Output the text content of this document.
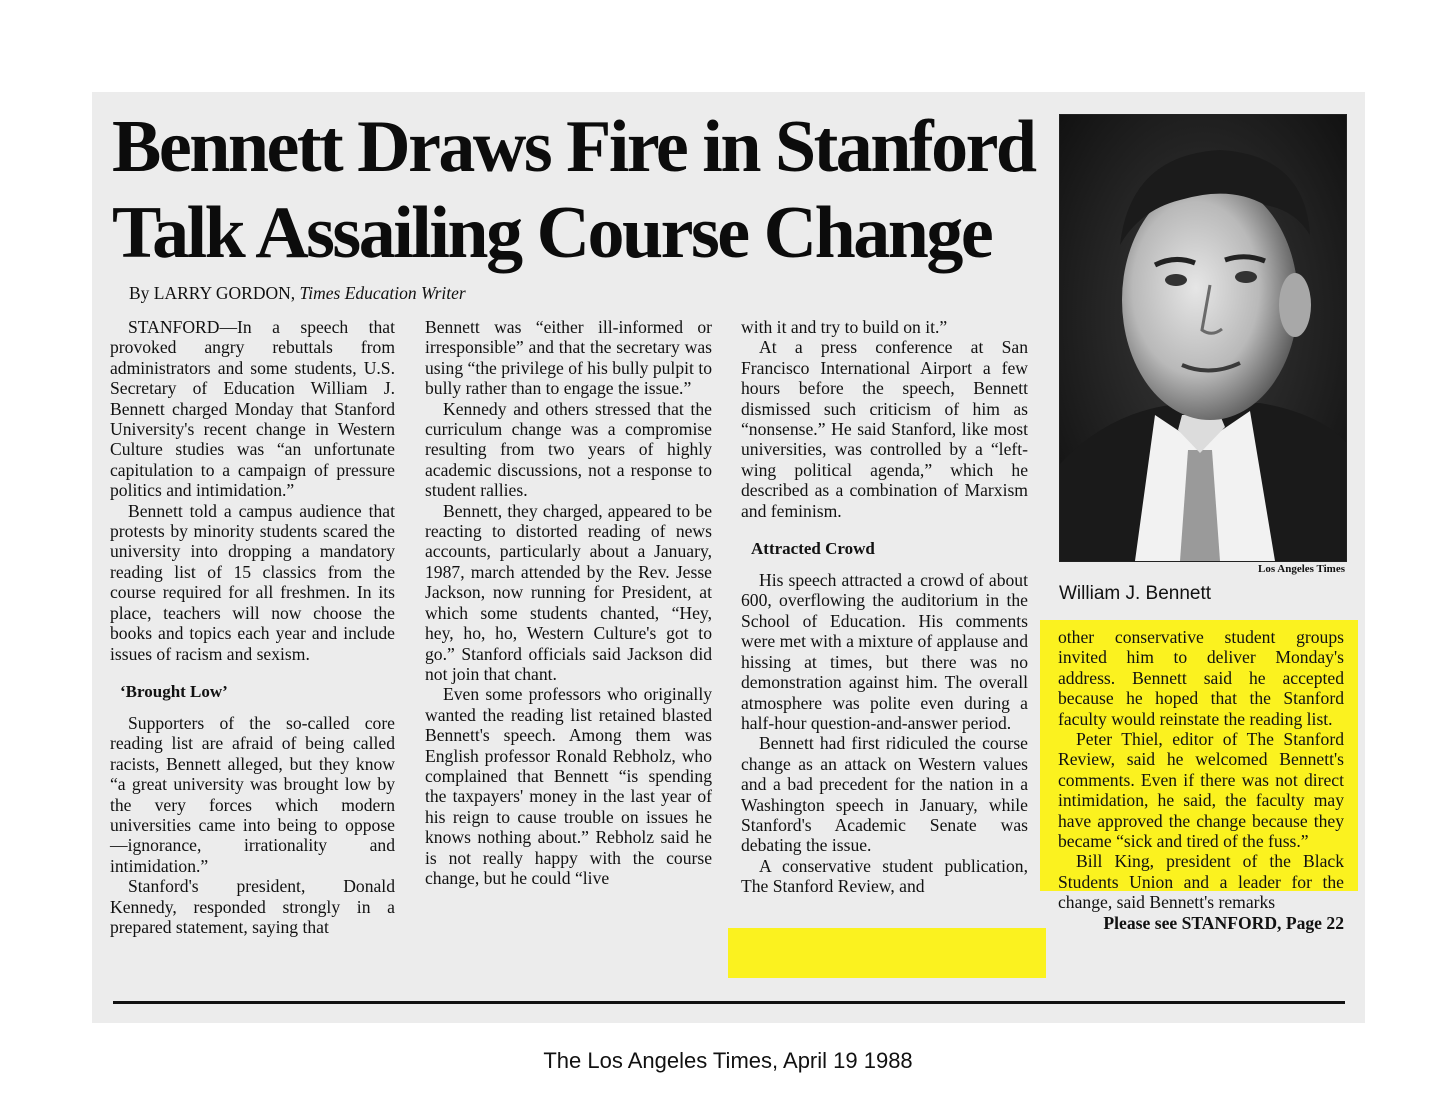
Bennett Draws Fire in Stanford
Talk Assailing Course Change
By LARRY GORDON, Times Education Writer

STANFORD—In a speech that provoked angry rebuttals from administrators and some students, U.S. Secretary of Education William J. Bennett charged Monday that Stanford University's recent change in Western Culture studies was “an unfortunate capitulation to a campaign of pressure politics and intimidation.”

Bennett told a campus audience that protests by minority students scared the university into dropping a mandatory reading list of 15 classics from the course required for all freshmen. In its place, teachers will now choose the books and topics each year and include issues of racism and sexism.

‘Brought Low’

Supporters of the so-called core reading list are afraid of being called racists, Bennett alleged, but they know “a great university was brought low by the very forces which modern universities came into being to oppose—ignorance, irrationality and intimidation.”

Stanford's president, Donald Kennedy, responded strongly in a prepared statement, saying that

Bennett was “either ill-informed or irresponsible” and that the secretary was using “the privilege of his bully pulpit to bully rather than to engage the issue.”

Kennedy and others stressed that the curriculum change was a compromise resulting from two years of highly academic discussions, not a response to student rallies.

Bennett, they charged, appeared to be reacting to distorted reading of news accounts, particularly about a January, 1987, march attended by the Rev. Jesse Jackson, now running for President, at which some students chanted, “Hey, hey, ho, ho, Western Culture's got to go.” Stanford officials said Jackson did not join that chant.

Even some professors who originally wanted the reading list retained blasted Bennett's speech. Among them was English professor Ronald Rebholz, who complained that Bennett “is spending the taxpayers' money in the last year of his reign to cause trouble on issues he knows nothing about.” Rebholz said he is not really happy with the course change, but he could “live

with it and try to build on it.”

At a press conference at San Francisco International Airport a few hours before the speech, Bennett dismissed such criticism of him as “nonsense.” He said Stanford, like most universities, was controlled by a “left-wing political agenda,” which he described as a combination of Marxism and feminism.

Attracted Crowd

His speech attracted a crowd of about 600, overflowing the auditorium in the School of Education. His comments were met with a mixture of applause and hissing at times, but there was no demonstration against him. The overall atmosphere was polite even during a half-hour question-and-answer period.

Bennett had first ridiculed the course change as an attack on Western values and a bad precedent for the nation in a Washington speech in January, while Stanford's Academic Senate was debating the issue.

A conservative student publication, The Stanford Review, and

Los Angeles Times
William J. Bennett

other conservative student groups invited him to deliver Monday's address. Bennett said he accepted because he hoped that the Stanford faculty would reinstate the reading list.

Peter Thiel, editor of The Stanford Review, said he welcomed Bennett's comments. Even if there was not direct intimidation, he said, the faculty may have approved the change because they became “sick and tired of the fuss.”

Bill King, president of the Black Students Union and a leader for the change, said Bennett's remarks

Please see STANFORD, Page 22

The Los Angeles Times, April 19 1988
